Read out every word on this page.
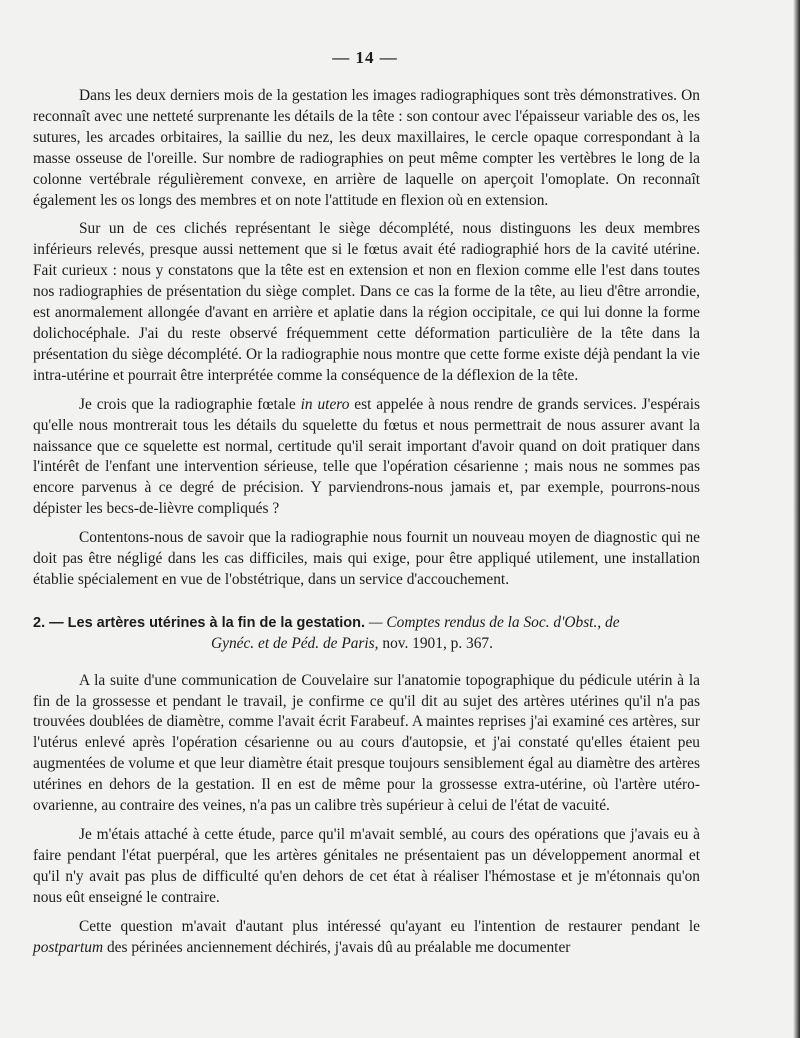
— 14 —

Dans les deux derniers mois de la gestation les images radiographiques sont très démonstratives. On reconnaît avec une netteté surprenante les détails de la tête : son contour avec l'épaisseur variable des os, les sutures, les arcades orbitaires, la saillie du nez, les deux maxillaires, le cercle opaque correspondant à la masse osseuse de l'oreille. Sur nombre de radiographies on peut même compter les vertèbres le long de la colonne vertébrale régulièrement convexe, en arrière de laquelle on aperçoit l'omoplate. On reconnaît également les os longs des membres et on note l'attitude en flexion où en extension.

Sur un de ces clichés représentant le siège décomplété, nous distinguons les deux membres inférieurs relevés, presque aussi nettement que si le fœtus avait été radiographié hors de la cavité utérine. Fait curieux : nous y constatons que la tête est en extension et non en flexion comme elle l'est dans toutes nos radiographies de présentation du siège complet. Dans ce cas la forme de la tête, au lieu d'être arrondie, est anormalement allongée d'avant en arrière et aplatie dans la région occipitale, ce qui lui donne la forme dolichocéphale. J'ai du reste observé fréquemment cette déformation particulière de la tête dans la présentation du siège décomplété. Or la radiographie nous montre que cette forme existe déjà pendant la vie intra-utérine et pourrait être interprétée comme la conséquence de la déflexion de la tête.

Je crois que la radiographie fœtale in utero est appelée à nous rendre de grands services. J'espérais qu'elle nous montrerait tous les détails du squelette du fœtus et nous permettrait de nous assurer avant la naissance que ce squelette est normal, certitude qu'il serait important d'avoir quand on doit pratiquer dans l'intérêt de l'enfant une intervention sérieuse, telle que l'opération césarienne ; mais nous ne sommes pas encore parvenus à ce degré de précision. Y parviendrons-nous jamais et, par exemple, pourrons-nous dépister les becs-de-lièvre compliqués ?

Contentons-nous de savoir que la radiographie nous fournit un nouveau moyen de diagnostic qui ne doit pas être négligé dans les cas difficiles, mais qui exige, pour être appliqué utilement, une installation établie spécialement en vue de l'obstétrique, dans un service d'accouchement.

2. — Les artères utérines à la fin de la gestation. — Comptes rendus de la Soc. d'Obst., de
Gynéc. et de Péd. de Paris, nov. 1901, p. 367.

A la suite d'une communication de Couvelaire sur l'anatomie topographique du pédicule utérin à la fin de la grossesse et pendant le travail, je confirme ce qu'il dit au sujet des artères utérines qu'il n'a pas trouvées doublées de diamètre, comme l'avait écrit Farabeuf. A maintes reprises j'ai examiné ces artères, sur l'utérus enlevé après l'opération césarienne ou au cours d'autopsie, et j'ai constaté qu'elles étaient peu augmentées de volume et que leur diamètre était presque toujours sensiblement égal au diamètre des artères utérines en dehors de la gestation. Il en est de même pour la grossesse extra-utérine, où l'artère utéro-ovarienne, au contraire des veines, n'a pas un calibre très supérieur à celui de l'état de vacuité.

Je m'étais attaché à cette étude, parce qu'il m'avait semblé, au cours des opérations que j'avais eu à faire pendant l'état puerpéral, que les artères génitales ne présentaient pas un développement anormal et qu'il n'y avait pas plus de difficulté qu'en dehors de cet état à réaliser l'hémostase et je m'étonnais qu'on nous eût enseigné le contraire.

Cette question m'avait d'autant plus intéressé qu'ayant eu l'intention de restaurer pendant le postpartum des périnées anciennement déchirés, j'avais dû au préalable me documenter
